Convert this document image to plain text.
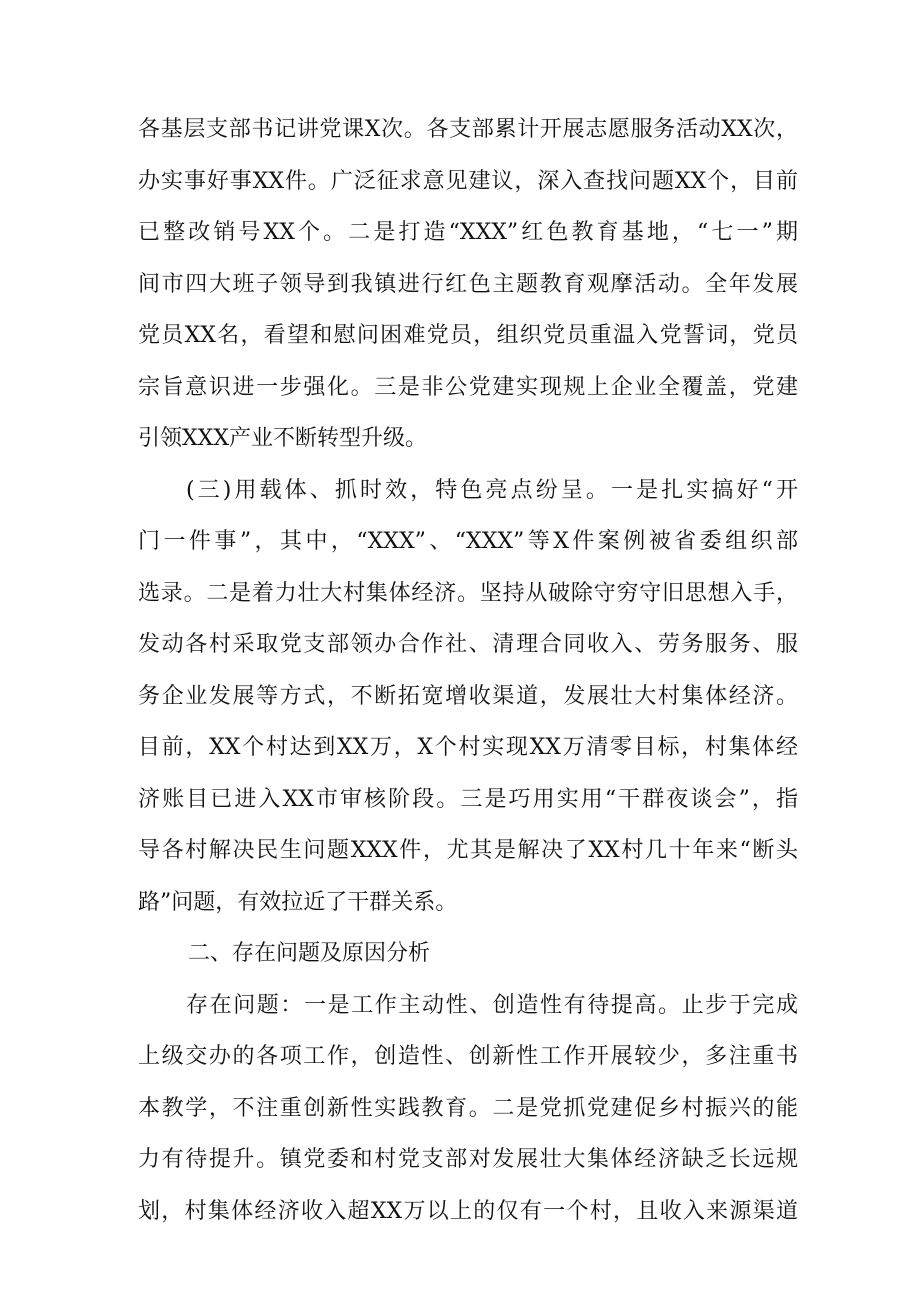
各基层支部书记讲党课X次。各支部累计开展志愿服务活动XX次，
办实事好事XX件。广泛征求意见建议，深入查找问题XX个，目前
已整改销号XX个。二是打造“XXX”红色教育基地，“七一”期
间市四大班子领导到我镇进行红色主题教育观摩活动。全年发展
党员XX名，看望和慰问困难党员，组织党员重温入党誓词，党员
宗旨意识进一步强化。三是非公党建实现规上企业全覆盖，党建
引领XXX产业不断转型升级。
(三)用载体、抓时效，特色亮点纷呈。一是扎实搞好“开
门一件事”，其中，“XXX”、“XXX”等X件案例被省委组织部
选录。二是着力壮大村集体经济。坚持从破除守穷守旧思想入手，
发动各村采取党支部领办合作社、清理合同收入、劳务服务、服
务企业发展等方式，不断拓宽增收渠道，发展壮大村集体经济。
目前，XX个村达到XX万，X个村实现XX万清零目标，村集体经
济账目已进入XX市审核阶段。三是巧用实用“干群夜谈会”，指
导各村解决民生问题XXX件，尤其是解决了XX村几十年来“断头
路”问题，有效拉近了干群关系。
二、存在问题及原因分析
存在问题：一是工作主动性、创造性有待提高。止步于完成
上级交办的各项工作，创造性、创新性工作开展较少，多注重书
本教学，不注重创新性实践教育。二是党抓党建促乡村振兴的能
力有待提升。镇党委和村党支部对发展壮大集体经济缺乏长远规
划，村集体经济收入超XX万以上的仅有一个村，且收入来源渠道
